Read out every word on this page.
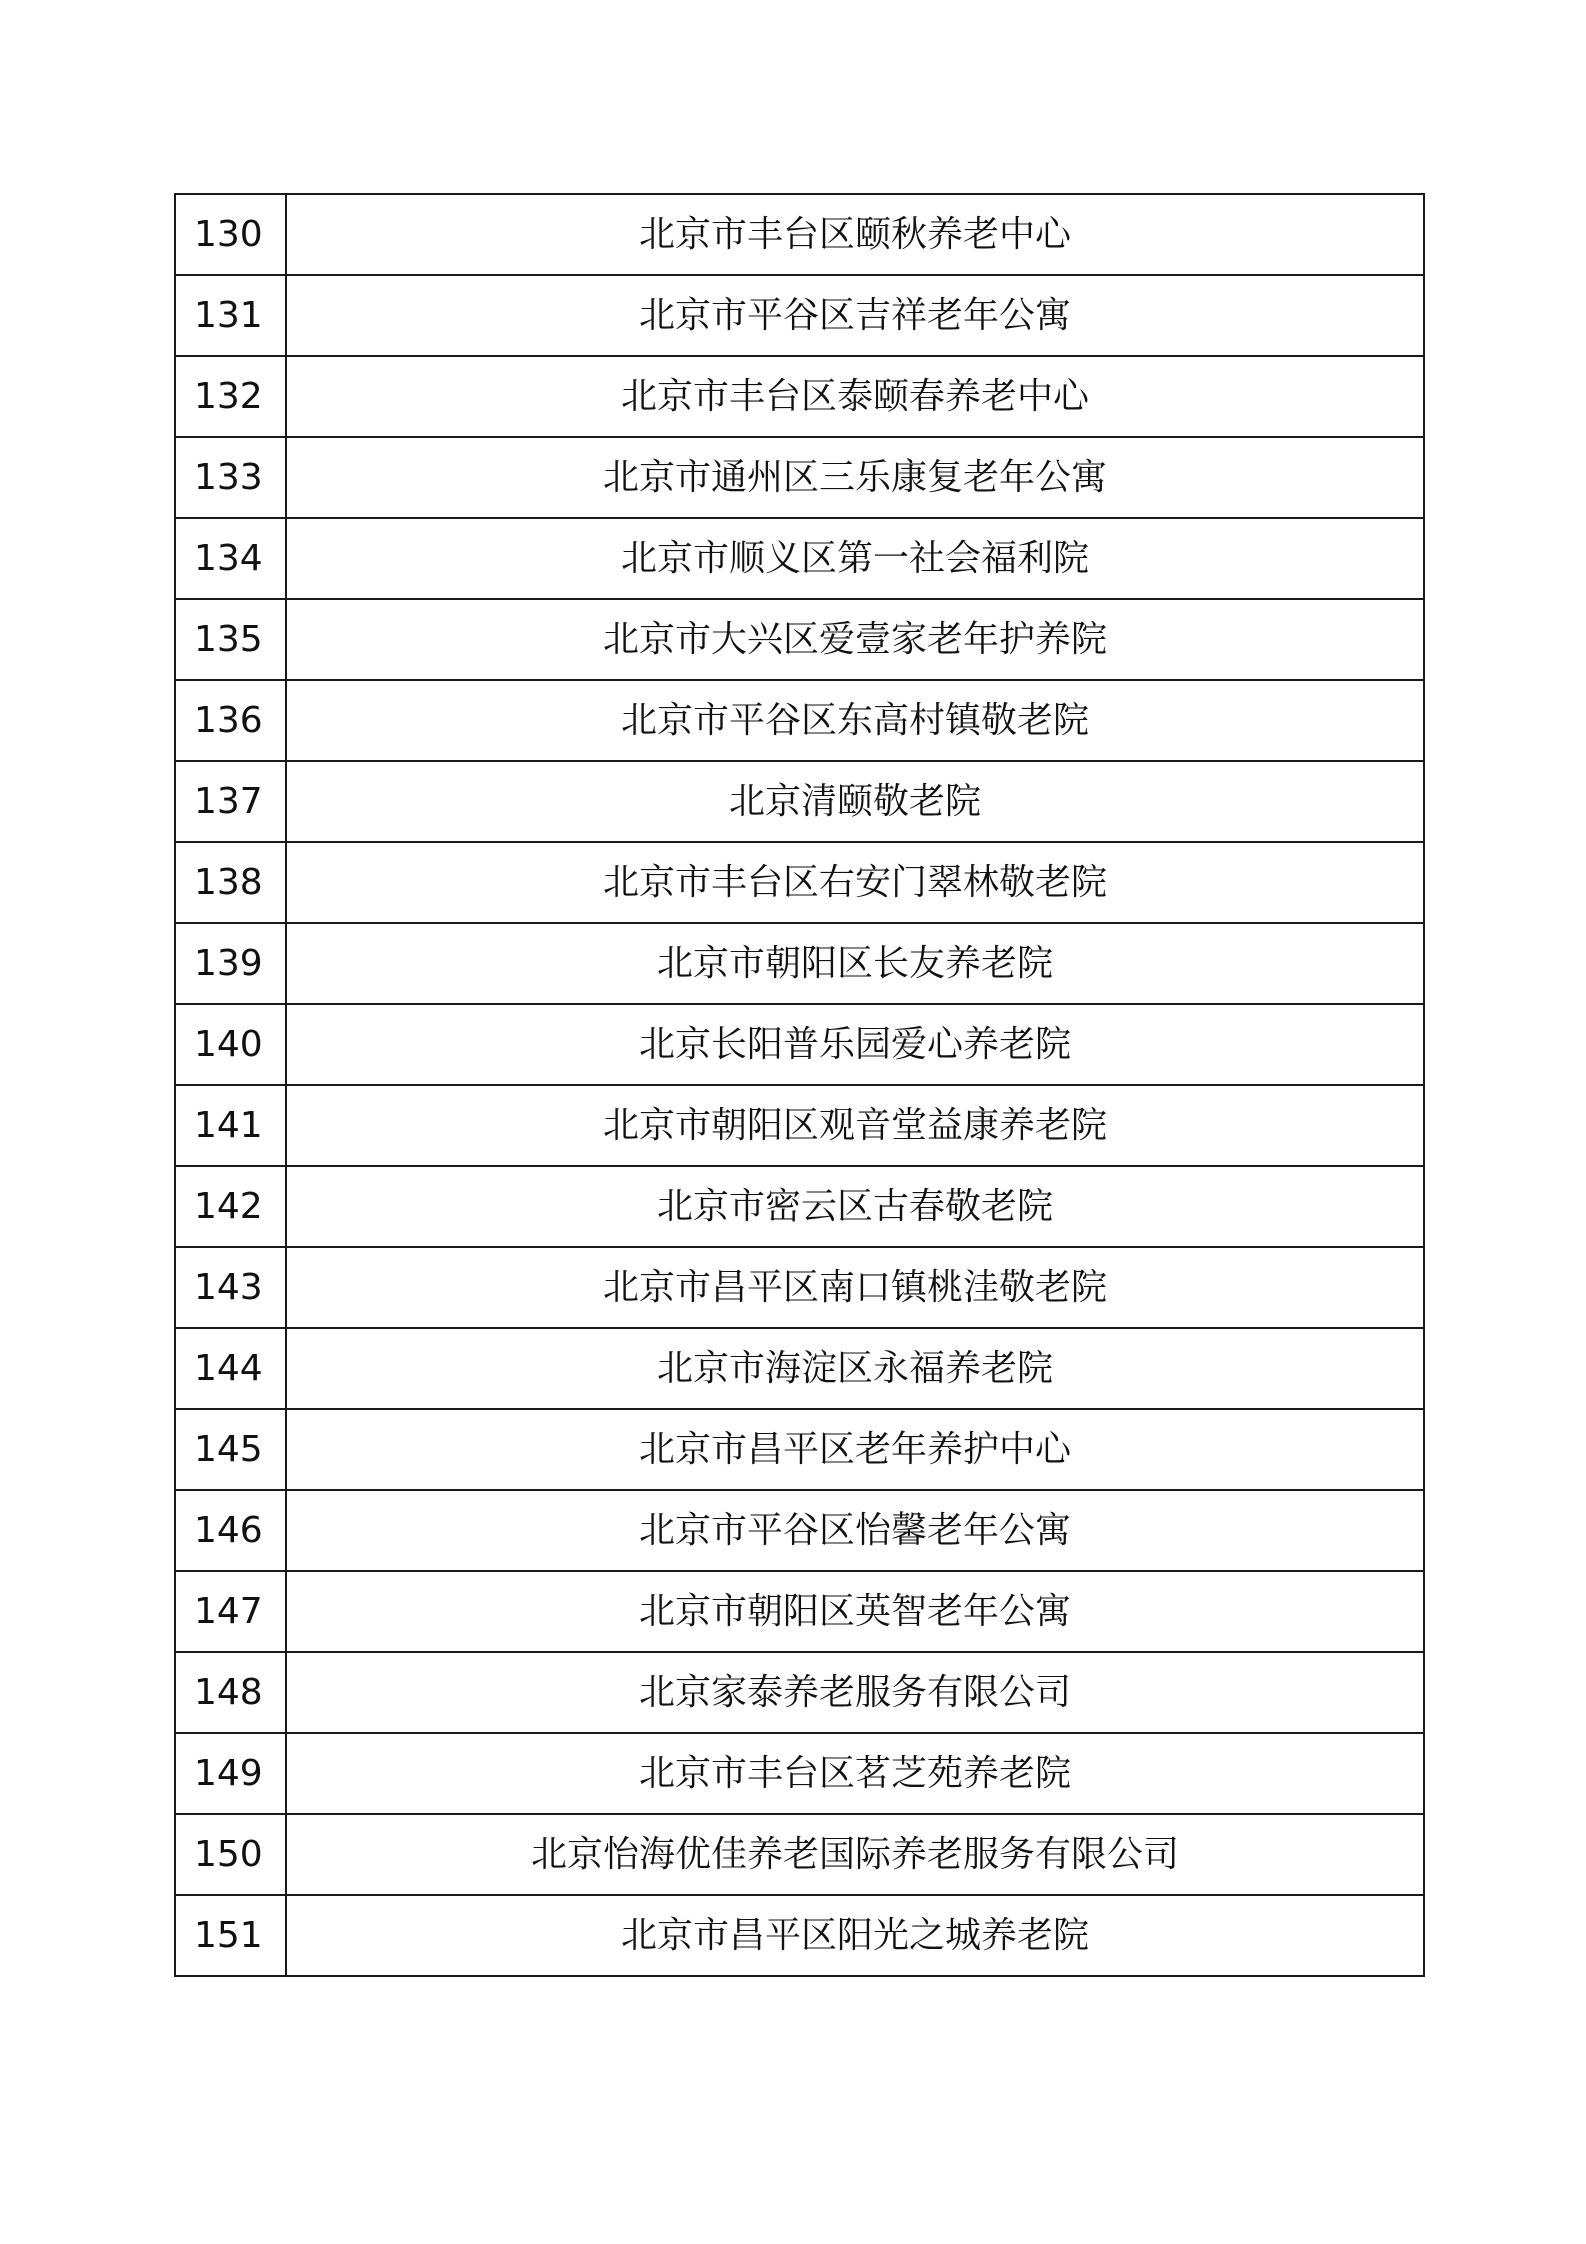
130	北京市丰台区颐秋养老中心
131	北京市平谷区吉祥老年公寓
132	北京市丰台区泰颐春养老中心
133	北京市通州区三乐康复老年公寓
134	北京市顺义区第一社会福利院
135	北京市大兴区爱壹家老年护养院
136	北京市平谷区东高村镇敬老院
137	北京清颐敬老院
138	北京市丰台区右安门翠林敬老院
139	北京市朝阳区长友养老院
140	北京长阳普乐园爱心养老院
141	北京市朝阳区观音堂益康养老院
142	北京市密云区古春敬老院
143	北京市昌平区南口镇桃洼敬老院
144	北京市海淀区永福养老院
145	北京市昌平区老年养护中心
146	北京市平谷区怡馨老年公寓
147	北京市朝阳区英智老年公寓
148	北京家泰养老服务有限公司
149	北京市丰台区茗芝苑养老院
150	北京怡海优佳养老国际养老服务有限公司
151	北京市昌平区阳光之城养老院
